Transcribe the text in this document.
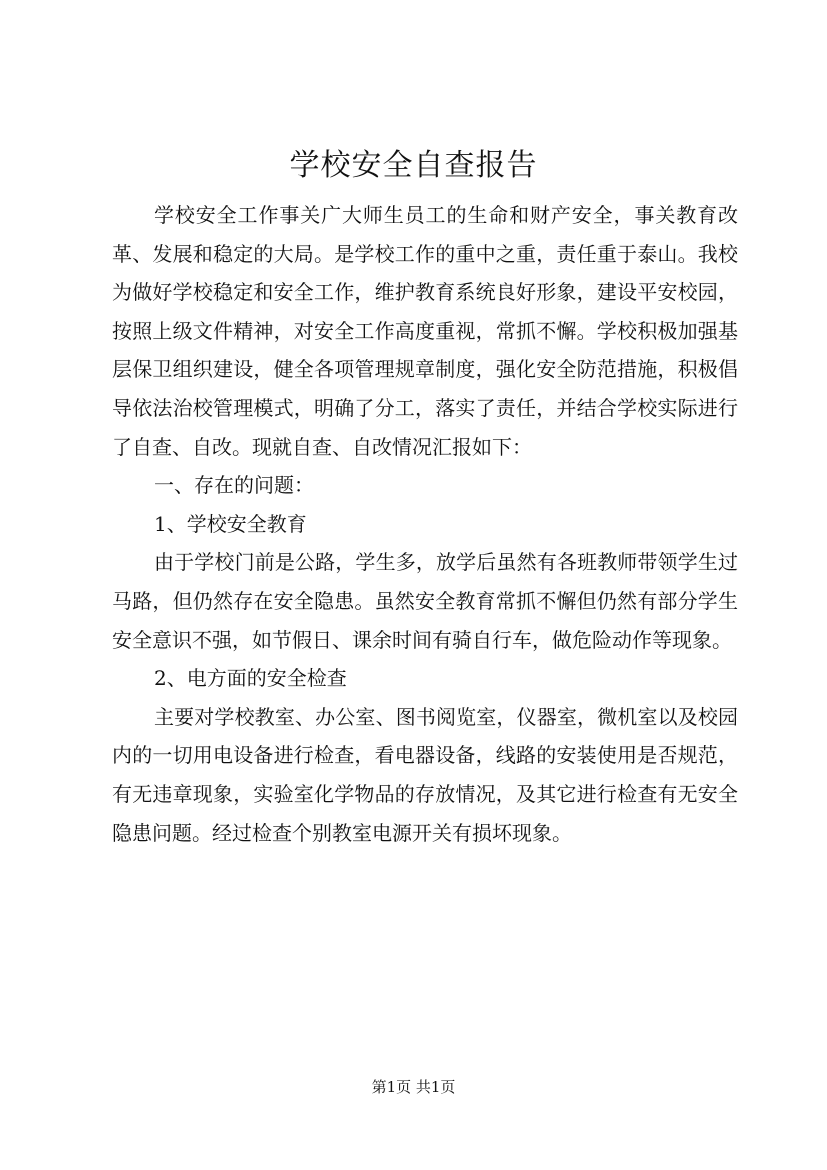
学校安全自查报告

学校安全工作事关广大师生员工的生命和财产安全，事关教育改革、发展和稳定的大局。是学校工作的重中之重，责任重于泰山。我校为做好学校稳定和安全工作，维护教育系统良好形象，建设平安校园，按照上级文件精神，对安全工作高度重视，常抓不懈。学校积极加强基层保卫组织建设，健全各项管理规章制度，强化安全防范措施，积极倡导依法治校管理模式，明确了分工，落实了责任，并结合学校实际进行了自查、自改。现就自查、自改情况汇报如下：

一、存在的问题：

1、学校安全教育

由于学校门前是公路，学生多，放学后虽然有各班教师带领学生过马路，但仍然存在安全隐患。虽然安全教育常抓不懈但仍然有部分学生安全意识不强，如节假日、课余时间有骑自行车，做危险动作等现象。

2、电方面的安全检查

主要对学校教室、办公室、图书阅览室，仪器室，微机室以及校园内的一切用电设备进行检查，看电器设备，线路的安装使用是否规范，有无违章现象，实验室化学物品的存放情况，及其它进行检查有无安全隐患问题。经过检查个别教室电源开关有损坏现象。

第1页 共1页
